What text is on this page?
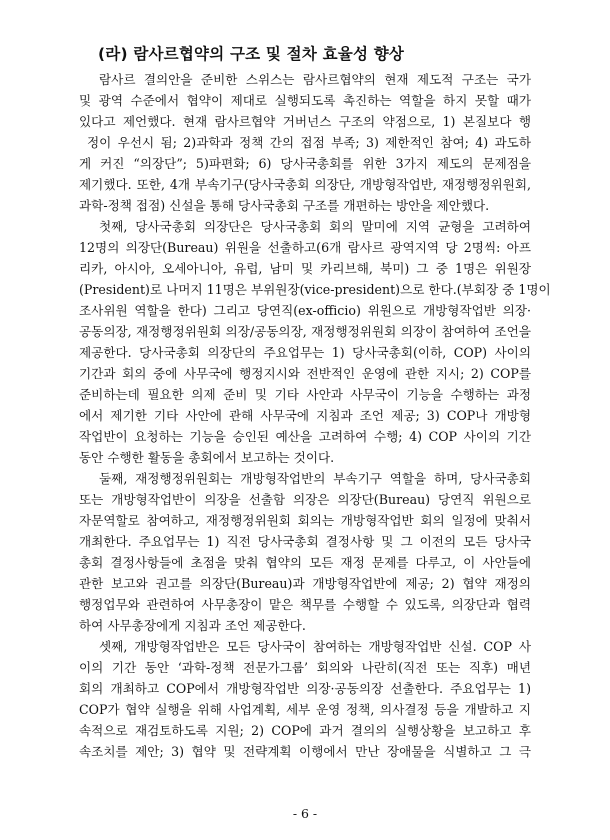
(라) 람사르협약의 구조 및 절차 효율성 향상
람사르 결의안을 준비한 스위스는 람사르협약의 현재 제도적 구조는 국가
및 광역 수준에서 협약이 제대로 실행되도록 촉진하는 역할을 하지 못할 때가
있다고 제언했다. 현재 람사르협약 거버넌스 구조의 약점으로, 1) 본질보다 행
정이 우선시 됨; 2)과학과 정책 간의 접점 부족; 3) 제한적인 참여; 4) 과도하
게 커진 “의장단”; 5)파편화; 6) 당사국총회를 위한 3가지 제도의 문제점을
제기했다. 또한, 4개 부속기구(당사국총회 의장단, 개방형작업반, 재정행정위원회,
과학-정책 접점) 신설을 통해 당사국총회 구조를 개편하는 방안을 제안했다.
첫째, 당사국총회 의장단은 당사국총회 회의 말미에 지역 균형을 고려하여
12명의 의장단(Bureau) 위원을 선출하고(6개 람사르 광역지역 당 2명씩: 아프
리카, 아시아, 오세아니아, 유럽, 남미 및 카리브해, 북미) 그 중 1명은 위원장
(President)로 나머지 11명은 부위원장(vice-president)으로 한다.(부회장 중 1명이
조사위원 역할을 한다) 그리고 당연직(ex-officio) 위원으로 개방형작업반 의장·
공동의장, 재정행정위원회 의장/공동의장, 재정행정위원회 의장이 참여하여 조언을
제공한다. 당사국총회 의장단의 주요업무는 1) 당사국총회(이하, COP) 사이의
기간과 회의 중에 사무국에 행정지시와 전반적인 운영에 관한 지시; 2) COP를
준비하는데 필요한 의제 준비 및 기타 사안과 사무국이 기능을 수행하는 과정
에서 제기한 기타 사안에 관해 사무국에 지침과 조언 제공; 3) COP나 개방형
작업반이 요청하는 기능을 승인된 예산을 고려하여 수행; 4) COP 사이의 기간
동안 수행한 활동을 총회에서 보고하는 것이다.
둘째, 재정행정위원회는 개방형작업반의 부속기구 역할을 하며, 당사국총회
또는 개방형작업반이 의장을 선출함 의장은 의장단(Bureau) 당연직 위원으로
자문역할로 참여하고, 재정행정위원회 회의는 개방형작업반 회의 일정에 맞춰서
개최한다. 주요업무는 1) 직전 당사국총회 결정사항 및 그 이전의 모든 당사국
총회 결정사항들에 초점을 맞춰 협약의 모든 재정 문제를 다루고, 이 사안들에
관한 보고와 권고를 의장단(Bureau)과 개방형작업반에 제공; 2) 협약 재정의
행정업무와 관련하여 사무총장이 맡은 책무를 수행할 수 있도록, 의장단과 협력
하여 사무총장에게 지침과 조언 제공한다.
셋째, 개방형작업반은 모든 당사국이 참여하는 개방형작업반 신설. COP 사
이의 기간 동안 ‘과학-정책 전문가그룹’ 회의와 나란히(직전 또는 직후) 매년
회의 개최하고 COP에서 개방형작업반 의장·공동의장 선출한다. 주요업무는 1)
COP가 협약 실행을 위해 사업계획, 세부 운영 정책, 의사결정 등을 개발하고 지
속적으로 재검토하도록 지원; 2) COP에 과거 결의의 실행상황을 보고하고 후
속조치를 제안; 3) 협약 및 전략계획 이행에서 만난 장애물을 식별하고 그 극
- 6 -
